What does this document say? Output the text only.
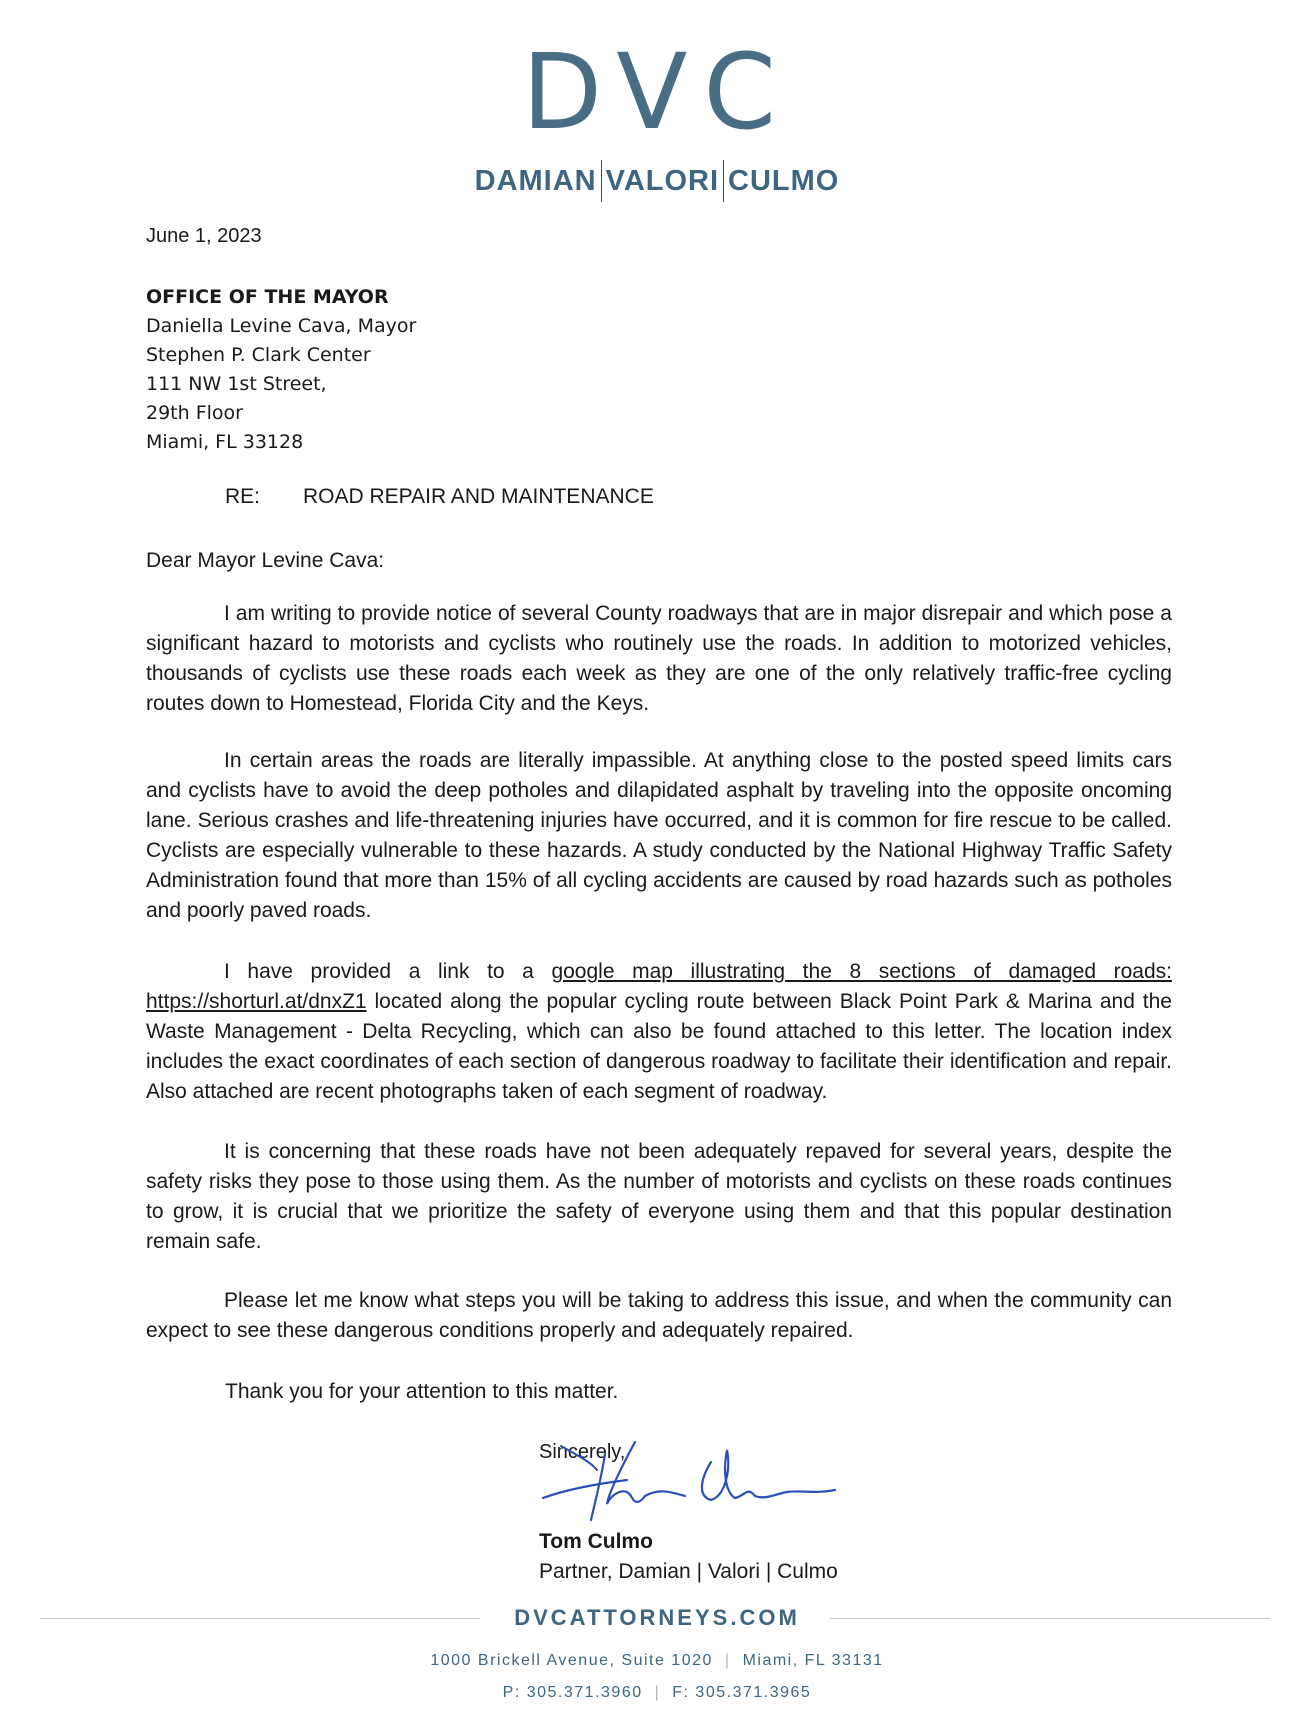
DVC
DAMIAN VALORI CULMO
June 1, 2023
OFFICE OF THE MAYOR
Daniella Levine Cava, Mayor
Stephen P. Clark Center
111 NW 1st Street,
29th Floor
Miami, FL 33128
RE: ROAD REPAIR AND MAINTENANCE
Dear Mayor Levine Cava:

I am writing to provide notice of several County roadways that are in major disrepair and which pose a significant hazard to motorists and cyclists who routinely use the roads. In addition to motorized vehicles, thousands of cyclists use these roads each week as they are one of the only relatively traffic-free cycling routes down to Homestead, Florida City and the Keys.

In certain areas the roads are literally impassible. At anything close to the posted speed limits cars and cyclists have to avoid the deep potholes and dilapidated asphalt by traveling into the opposite oncoming lane. Serious crashes and life-threatening injuries have occurred, and it is common for fire rescue to be called. Cyclists are especially vulnerable to these hazards. A study conducted by the National Highway Traffic Safety Administration found that more than 15% of all cycling accidents are caused by road hazards such as potholes and poorly paved roads.

I have provided a link to a google map illustrating the 8 sections of damaged roads: https://shorturl.at/dnxZ1 located along the popular cycling route between Black Point Park & Marina and the Waste Management - Delta Recycling, which can also be found attached to this letter. The location index includes the exact coordinates of each section of dangerous roadway to facilitate their identification and repair. Also attached are recent photographs taken of each segment of roadway.

It is concerning that these roads have not been adequately repaved for several years, despite the safety risks they pose to those using them. As the number of motorists and cyclists on these roads continues to grow, it is crucial that we prioritize the safety of everyone using them and that this popular destination remain safe.

Please let me know what steps you will be taking to address this issue, and when the community can expect to see these dangerous conditions properly and adequately repaired.

Thank you for your attention to this matter.
Sincerely,
Tom Culmo
Partner, Damian | Valori | Culmo
DVCATTORNEYS.COM
1000 Brickell Avenue, Suite 1020 | Miami, FL 33131
P: 305.371.3960 | F: 305.371.3965
